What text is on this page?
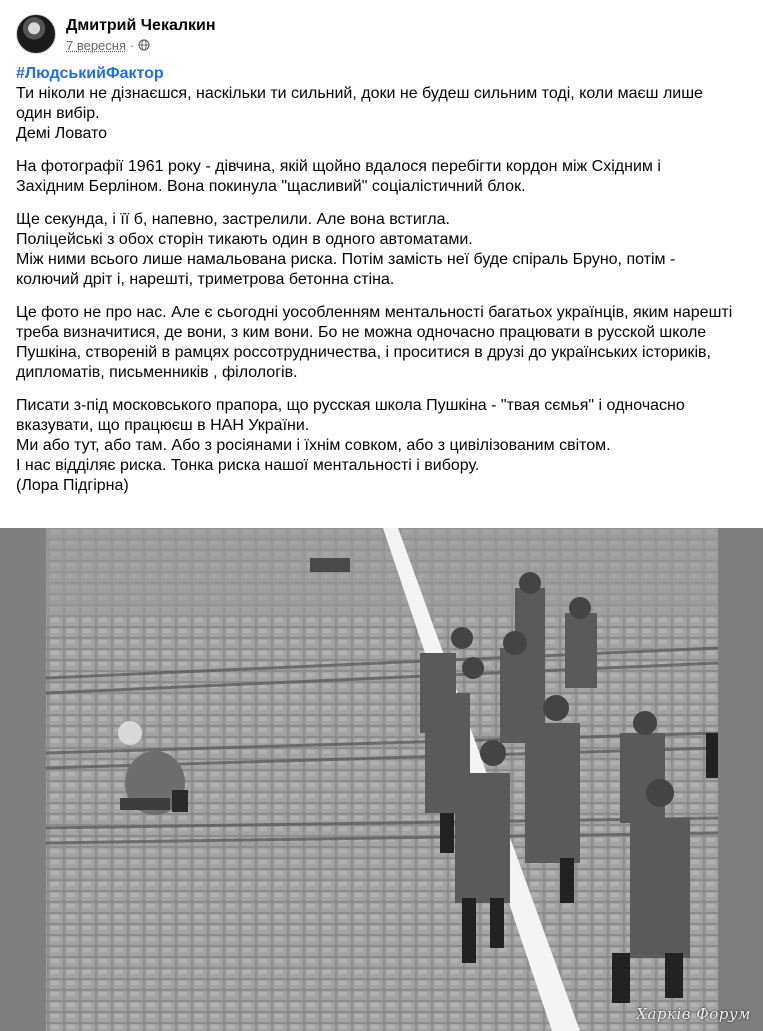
Дмитрий Чекалкин
7 вересня ·
#ЛюдськийФактор
Ти ніколи не дізнаєшся, наскільки ти сильний, доки не будеш сильним тоді, коли маєш лише
один вибір.
Демі Ловато
На фотографії 1961 року - дівчина, якій щойно вдалося перебігти кордон між Східним і
Західним Берліном. Вона покинула "щасливий" соціалістичний блок.
Ще секунда, і її б, напевно, застрелили. Але вона встигла.
Поліцейські з обох сторін тикають один в одного автоматами.
Між ними всього лише намальована риска. Потім замість неї буде спіраль Бруно, потім -
колючий дріт і, нарешті, триметрова бетонна стіна.
Це фото не про нас. Але є сьогодні уособленням ментальності багатьох українців, яким нарешті
треба визначитися, де вони, з ким вони. Бо не можна одночасно працювати в русской школе
Пушкіна, створеній в рамцях россотрудничества, і проситися в друзі до українських істориків,
дипломатів, письменників , філологів.
Писати з-під московського прапора, що русская школа Пушкіна - "твая сємья" і одночасно
вказувати, що працюєш в НАН України.
Ми або тут, або там. Або з росіянами і їхнім совком, або з цивілізованим світом.
І нас відділяє риска. Тонка риска нашої ментальності і вибору.
(Лора Підгірна)
Харків Форум
